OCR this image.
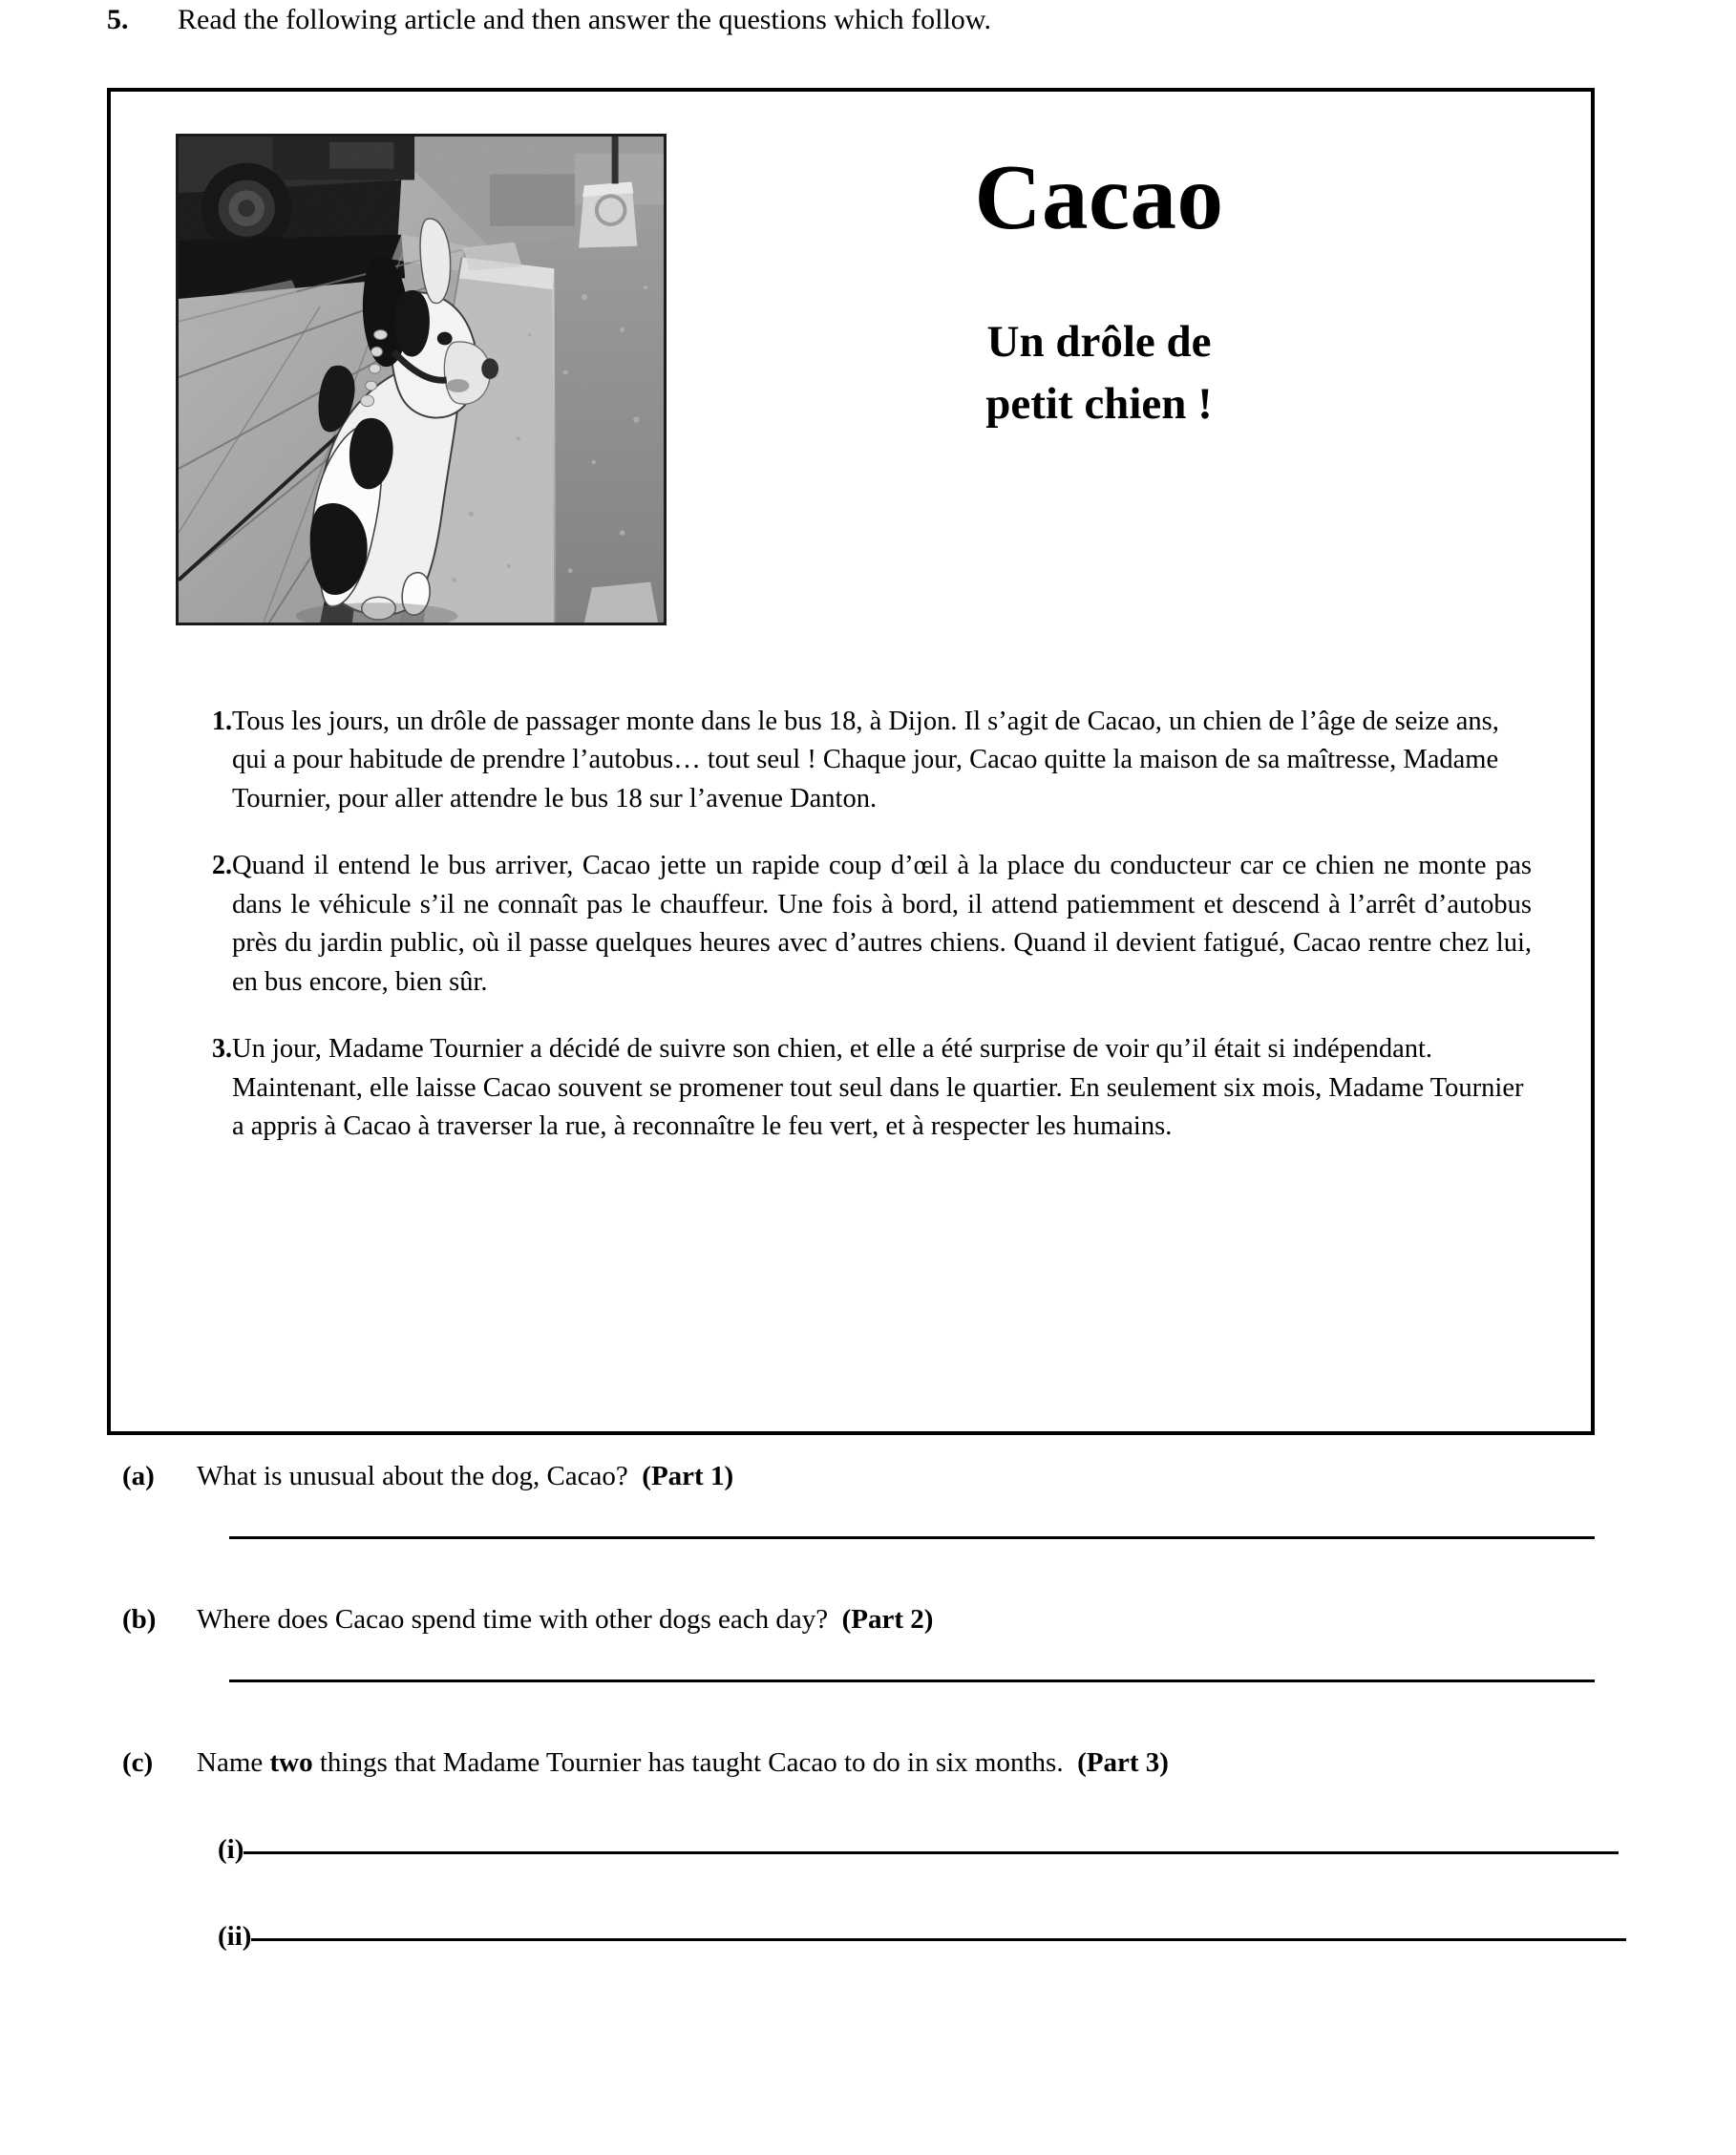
5.	Read the following article and then answer the questions which follow.
Cacao
Un drôle de
petit chien !
1. Tous les jours, un drôle de passager monte dans le bus 18, à Dijon. Il s’agit de Cacao, un chien de l’âge de seize ans, qui a pour habitude de prendre l’autobus… tout seul ! Chaque jour, Cacao quitte la maison de sa maîtresse, Madame Tournier, pour aller attendre le bus 18 sur l’avenue Danton.
2. Quand il entend le bus arriver, Cacao jette un rapide coup d’œil à la place du conducteur car ce chien ne monte pas dans le véhicule s’il ne connaît pas le chauffeur. Une fois à bord, il attend patiemment et descend à l’arrêt d’autobus près du jardin public, où il passe quelques heures avec d’autres chiens. Quand il devient fatigué, Cacao rentre chez lui, en bus encore, bien sûr.
3. Un jour, Madame Tournier a décidé de suivre son chien, et elle a été surprise de voir qu’il était si indépendant. Maintenant, elle laisse Cacao souvent se promener tout seul dans le quartier. En seulement six mois, Madame Tournier a appris à Cacao à traverser la rue, à reconnaître le feu vert, et à respecter les humains.
(a)	What is unusual about the dog, Cacao? (Part 1)
(b)	Where does Cacao spend time with other dogs each day? (Part 2)
(c)	Name two things that Madame Tournier has taught Cacao to do in six months. (Part 3)
(i)
(ii)
